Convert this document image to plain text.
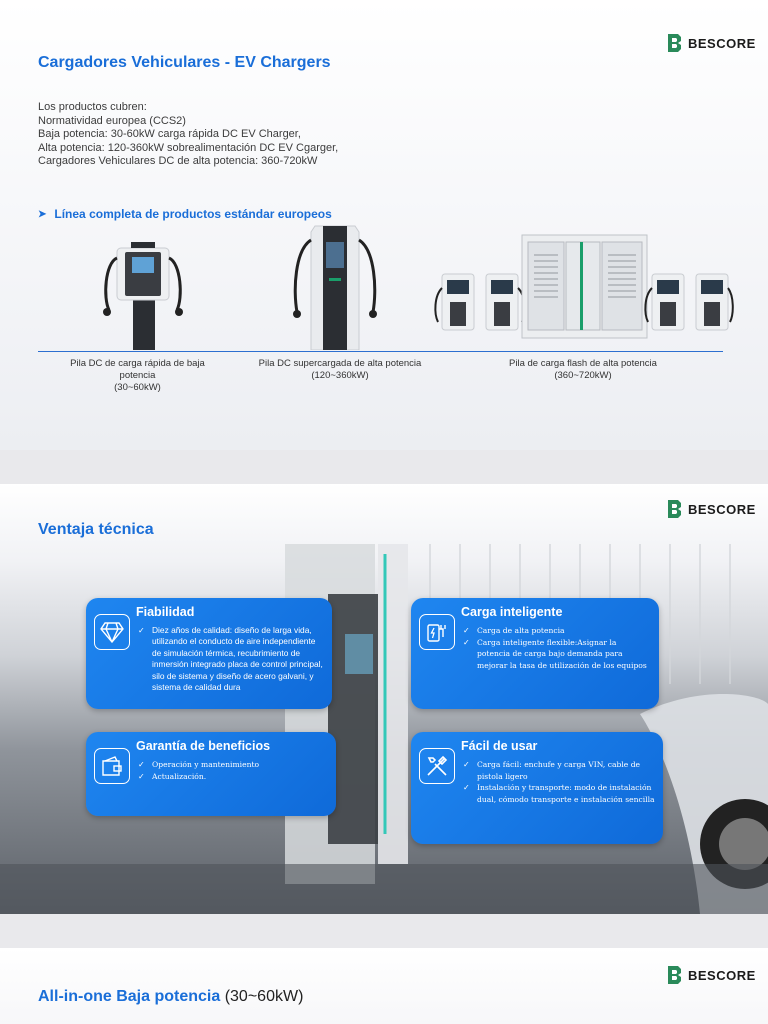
BESCORE
Cargadores Vehiculares - EV Chargers
Los productos cubren:
Normatividad europea (CCS2)
Baja potencia: 30-60kW carga rápida DC EV Charger,
Alta potencia: 120-360kW sobrealimentación DC EV Cgarger,
Cargadores Vehiculares DC de alta potencia: 360-720kW
➤ Línea completa de productos estándar europeos
Pila DC de carga rápida de baja
potencia
(30~60kW)
Pila DC supercargada de alta potencia
(120~360kW)
Pila de carga flash de alta potencia
(360~720kW)
BESCORE
Ventaja técnica
Fiabilidad
✓ Diez años de calidad: diseño de larga vida, utilizando el conducto de aire independiente de simulación térmica, recubrimiento de inmersión integrado placa de control principal, silo de sistema y diseño de acero galvani, y sistema de calidad dura
Carga inteligente
✓ Carga de alta potencia
✓ Carga inteligente flexible:Asignar la potencia de carga bajo demanda para mejorar la tasa de utilización de los equipos
Garantía de beneficios
✓ Operación y mantenimiento
✓ Actualización.
Fácil de usar
✓ Carga fácil: enchufe y carga VIN, cable de pistola ligero
✓ Instalación y transporte: modo de instalación dual, cómodo transporte e instalación sencilla
BESCORE
All-in-one Baja potencia (30~60kW)
